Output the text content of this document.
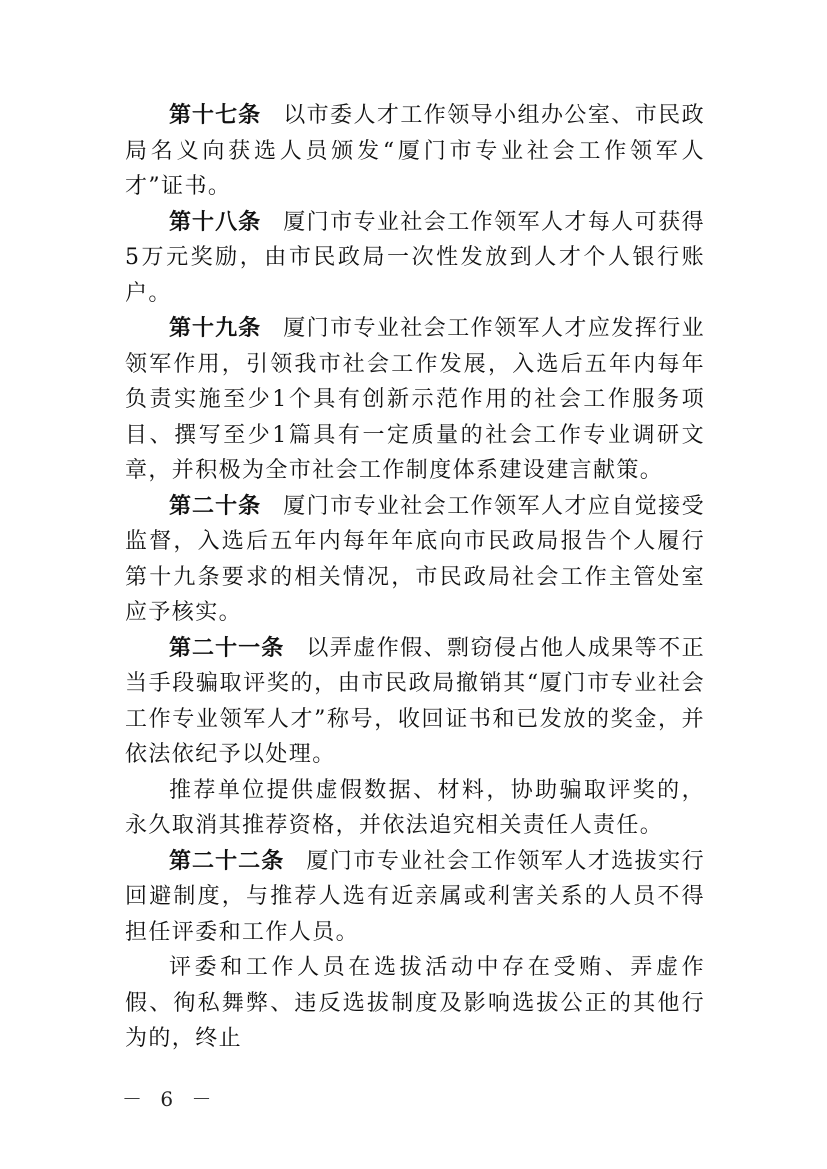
第十七条 以市委人才工作领导小组办公室、市民政局名义向获选人员颁发“厦门市专业社会工作领军人才”证书。

第十八条 厦门市专业社会工作领军人才每人可获得5万元奖励，由市民政局一次性发放到人才个人银行账户。

第十九条 厦门市专业社会工作领军人才应发挥行业领军作用，引领我市社会工作发展，入选后五年内每年负责实施至少1个具有创新示范作用的社会工作服务项目、撰写至少1篇具有一定质量的社会工作专业调研文章，并积极为全市社会工作制度体系建设建言献策。

第二十条 厦门市专业社会工作领军人才应自觉接受监督，入选后五年内每年年底向市民政局报告个人履行第十九条要求的相关情况，市民政局社会工作主管处室应予核实。

第二十一条 以弄虚作假、剽窃侵占他人成果等不正当手段骗取评奖的，由市民政局撤销其“厦门市专业社会工作专业领军人才”称号，收回证书和已发放的奖金，并依法依纪予以处理。

推荐单位提供虚假数据、材料，协助骗取评奖的，永久取消其推荐资格，并依法追究相关责任人责任。

第二十二条 厦门市专业社会工作领军人才选拔实行回避制度，与推荐人选有近亲属或利害关系的人员不得担任评委和工作人员。

评委和工作人员在选拔活动中存在受贿、弄虚作假、徇私舞弊、违反选拔制度及影响选拔公正的其他行为的，终止

－ 6 －
